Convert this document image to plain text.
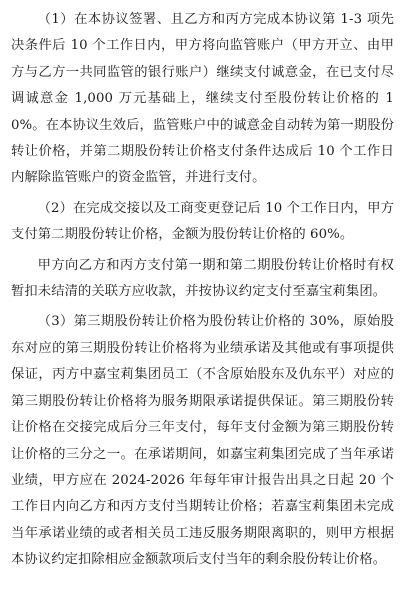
（1）在本协议签署、且乙方和丙方完成本协议第 1-3 项先决条件后 10 个工作日内，甲方将向监管账户（甲方开立、由甲方与乙方一共同监管的银行账户）继续支付诚意金，在已支付尽调诚意金 1,000 万元基础上，继续支付至股份转让价格的 10%。在本协议生效后，监管账户中的诚意金自动转为第一期股份转让价格，并第二期股份转让价格支付条件达成后 10 个工作日内解除监管账户的资金监管，并进行支付。

（2）在完成交接以及工商变更登记后 10 个工作日内，甲方支付第二期股份转让价格，金额为股份转让价格的 60%。

甲方向乙方和丙方支付第一期和第二期股份转让价格时有权暂扣未结清的关联方应收款，并按协议约定支付至嘉宝莉集团。

（3）第三期股份转让价格为股份转让价格的 30%，原始股东对应的第三期股份转让价格将为业绩承诺及其他或有事项提供保证，丙方中嘉宝莉集团员工（不含原始股东及仇东平）对应的第三期股份转让价格将为服务期限承诺提供保证。第三期股份转让价格在交接完成后分三年支付，每年支付金额为第三期股份转让价格的三分之一。在承诺期间，如嘉宝莉集团完成了当年承诺业绩，甲方应在 2024-2026 年每年审计报告出具之日起 20 个工作日内向乙方和丙方支付当期转让价格；若嘉宝莉集团未完成当年承诺业绩的或者相关员工违反服务期限离职的，则甲方根据本协议约定扣除相应金额款项后支付当年的剩余股份转让价格。
